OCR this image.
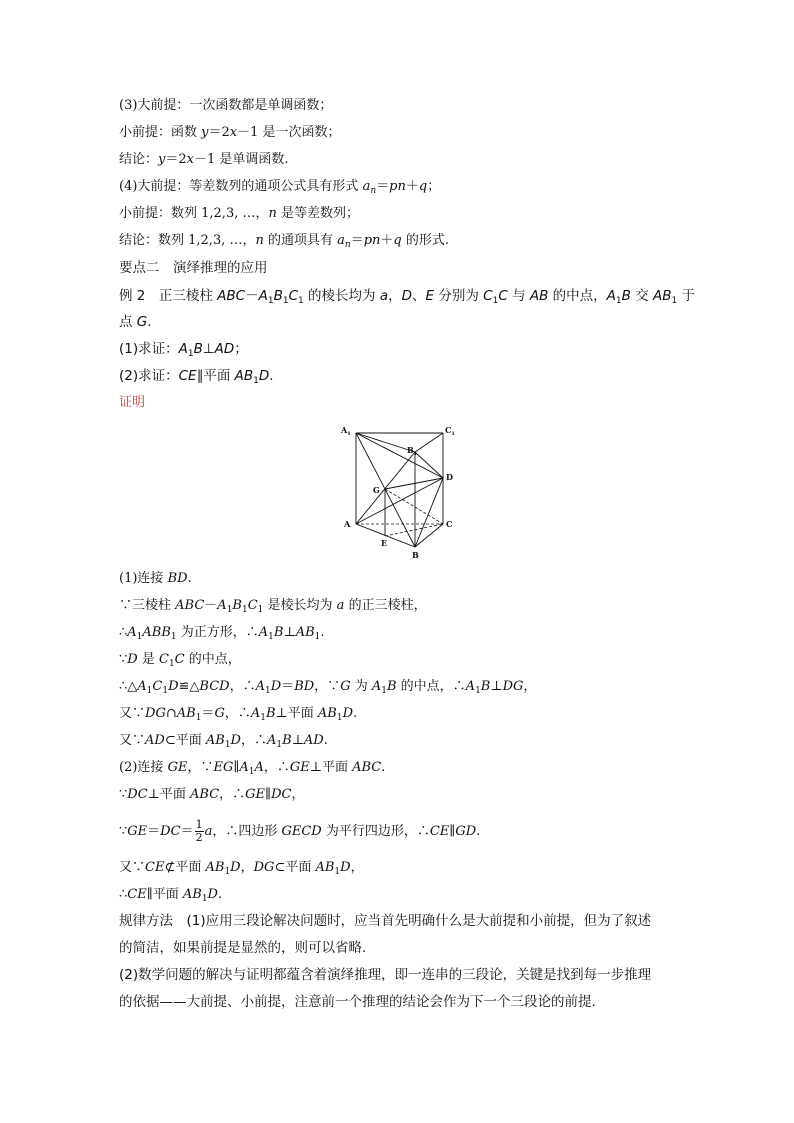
(3)大前提：一次函数都是单调函数；
小前提：函数 y＝2x－1 是一次函数；
结论：y＝2x－1 是单调函数.
(4)大前提：等差数列的通项公式具有形式 $a_n=pn+q$；
小前提：数列 1,2,3, …，n 是等差数列；
结论：数列 1,2,3, …，n 的通项具有 $a_n=pn+q$ 的形式.
要点二　演绎推理的应用
例 2　正三棱柱 $ABC-A_1B_1C_1$ 的棱长均为 a，D、E 分别为 $C_1C$ 与 AB 的中点，$A_1B$ 交 $AB_1$ 于
点 G.
(1)求证：$A_1B\perp AD$；
(2)求证：CE∥平面 $AB_1D$.
证明
$A_1$	$C_1$
$B_1$
G
D
A	C
E
B
(1)连接 BD.
∵三棱柱 $ABC-A_1B_1C_1$ 是棱长均为 a 的正三棱柱，
$\therefore A_1ABB_1$ 为正方形，$\therefore A_1B\perp AB_1$.
∵D 是 $C_1C$ 的中点，
$\therefore\triangle A_1C_1D≌\triangle BCD$，$\therefore A_1D=BD$，∵G 为 $A_1B$ 的中点，$\therefore A_1B\perp DG$，
又$\because DG\cap AB_1=G$，$\therefore A_1B\perp$平面 $AB_1D$.
又∵AD⊂平面 $AB_1D$，$\therefore A_1B\perp AD$.
(2)连接 GE，$\because EG\parallel A_1A$，∴GE⊥平面 ABC.
∵DC⊥平面 ABC，∴GE∥DC，
∵GE＝DC＝ $\frac{1}{2}$ a，∴四边形 GECD 为平行四边形，∴CE∥GD.
又∵CE⊄平面 $AB_1D$，DG⊂平面 $AB_1D$，
∴CE∥平面 $AB_1D$.
规律方法　(1)应用三段论解决问题时，应当首先明确什么是大前提和小前提，但为了叙述
的简洁，如果前提是显然的，则可以省略.
(2)数学问题的解决与证明都蕴含着演绎推理，即一连串的三段论，关键是找到每一步推理
的依据——大前提、小前提，注意前一个推理的结论会作为下一个三段论的前提.
